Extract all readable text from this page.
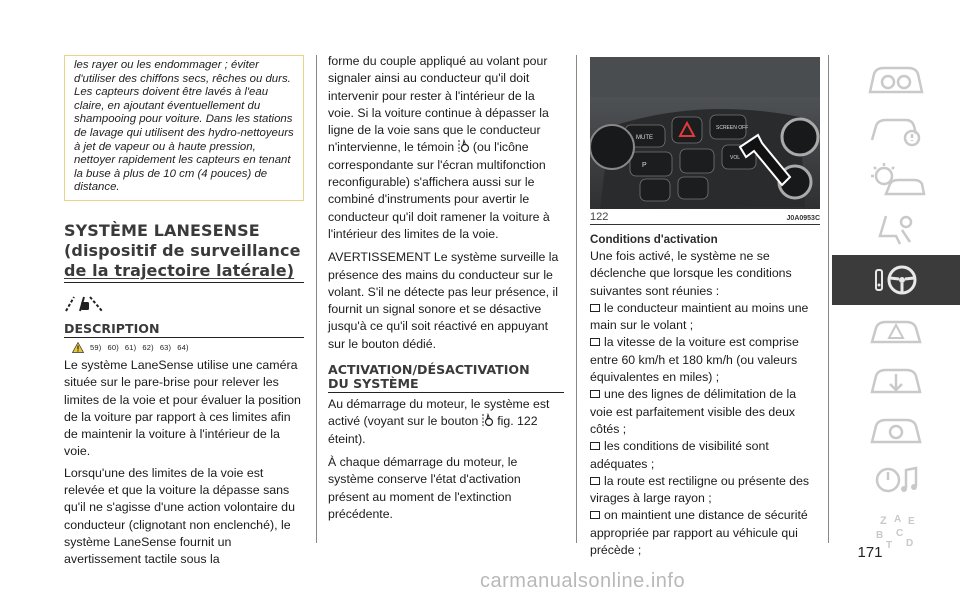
les rayer ou les endommager ; éviter d'utiliser des chiffons secs, rêches ou durs. Les capteurs doivent être lavés à l'eau claire, en ajoutant éventuellement du shampooing pour voiture. Dans les stations de lavage qui utilisent des hydro-nettoyeurs à jet de vapeur ou à haute pression, nettoyer rapidement les capteurs en tenant la buse à plus de 10 cm (4 pouces) de distance.
SYSTÈME LANESENSE
(dispositif de surveillance
de la trajectoire latérale)
DESCRIPTION
59) 60) 61) 62) 63) 64)

Le système LaneSense utilise une caméra située sur le pare-brise pour relever les limites de la voie et pour évaluer la position de la voiture par rapport à ces limites afin de maintenir la voiture à l'intérieur de la voie.

Lorsqu'une des limites de la voie est relevée et que la voiture la dépasse sans qu'il ne s'agisse d'une action volontaire du conducteur (clignotant non enclenché), le système LaneSense fournit un avertissement tactile sous la

forme du couple appliqué au volant pour signaler ainsi au conducteur qu'il doit intervenir pour rester à l'intérieur de la voie. Si la voiture continue à dépasser la ligne de la voie sans que le conducteur n'intervienne, le témoin (ou l'icône correspondante sur l'écran multifonction reconfigurable) s'affichera aussi sur le combiné d'instruments pour avertir le conducteur qu'il doit ramener la voiture à l'intérieur des limites de la voie.

AVERTISSEMENT Le système surveille la présence des mains du conducteur sur le volant. S'il ne détecte pas leur présence, il fournit un signal sonore et se désactive jusqu'à ce qu'il soit réactivé en appuyant sur le bouton dédié.

ACTIVATION/DÉSACTIVATION
DU SYSTÈME

Au démarrage du moteur, le système est activé (voyant sur le bouton fig. 122 éteint).

À chaque démarrage du moteur, le système conserve l'état d'activation présent au moment de l'extinction précédente.

MUTE
SCREEN OFF
P
VOL
122	J0A0953C
Conditions d'activation

Une fois activé, le système ne se déclenche que lorsque les conditions suivantes sont réunies :

le conducteur maintient au moins une main sur le volant ;
la vitesse de la voiture est comprise entre 60 km/h et 180 km/h (ou valeurs équivalentes en miles) ;
une des lignes de délimitation de la voie est parfaitement visible des deux côtés ;
les conditions de visibilité sont adéquates ;
la route est rectiligne ou présente des virages à large rayon ;
on maintient une distance de sécurité appropriée par rapport au véhicule qui précède ;
Z A E
B C
T D
171
carmanualsonline.info
